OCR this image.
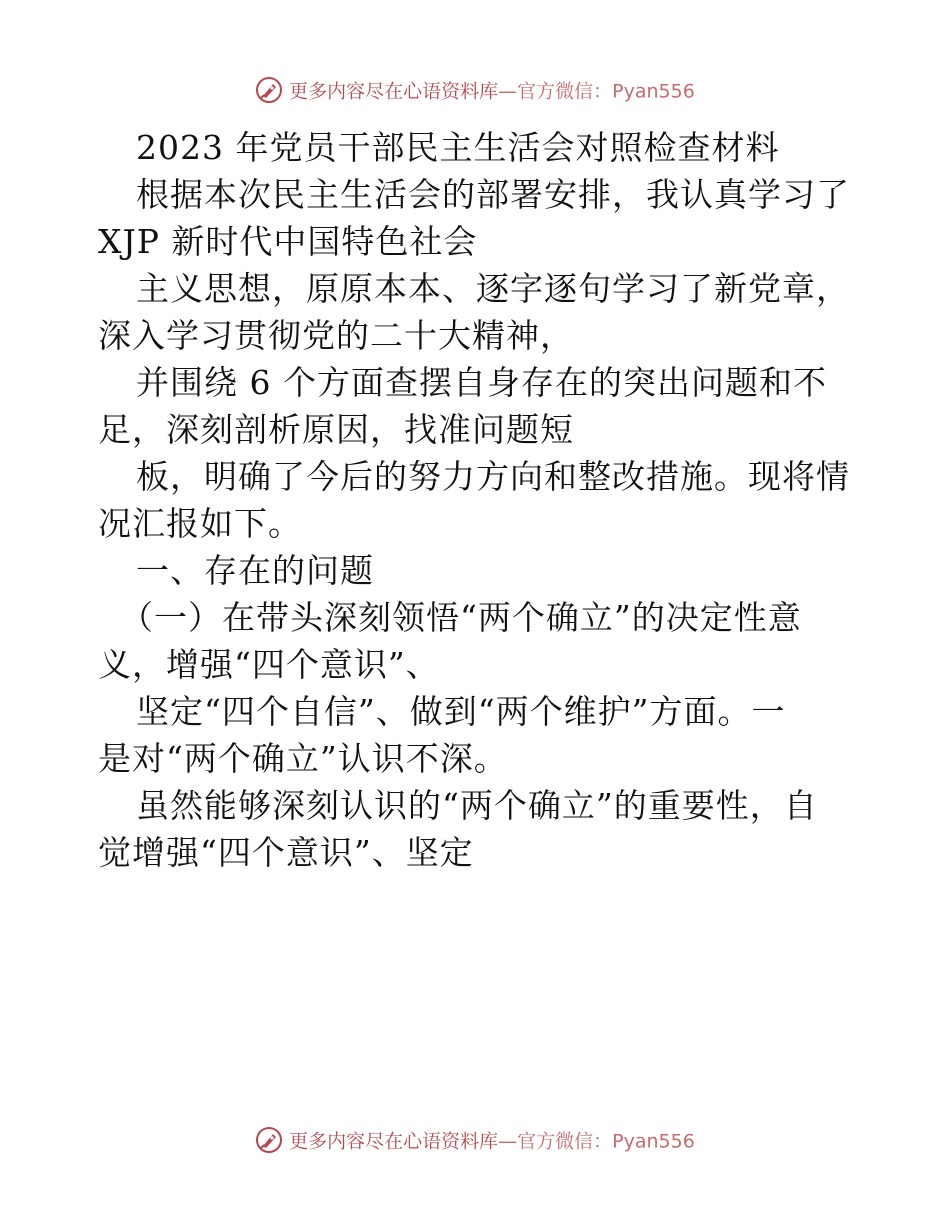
更多内容尽在心语资料库—官方微信：Pyan556
2023 年党员干部民主生活会对照检查材料
根据本次民主生活会的部署安排，我认真学习了
XJP 新时代中国特色社会
主义思想，原原本本、逐字逐句学习了新党章，
深入学习贯彻党的二十大精神，
并围绕 6 个方面查摆自身存在的突出问题和不
足，深刻剖析原因，找准问题短
板，明确了今后的努力方向和整改措施。现将情
况汇报如下。
一、存在的问题
（一）在带头深刻领悟“两个确立”的决定性意
义，增强“四个意识”、
坚定“四个自信”、做到“两个维护”方面。一
是对“两个确立”认识不深。
虽然能够深刻认识的“两个确立”的重要性，自
觉增强“四个意识”、坚定
更多内容尽在心语资料库—官方微信：Pyan556
